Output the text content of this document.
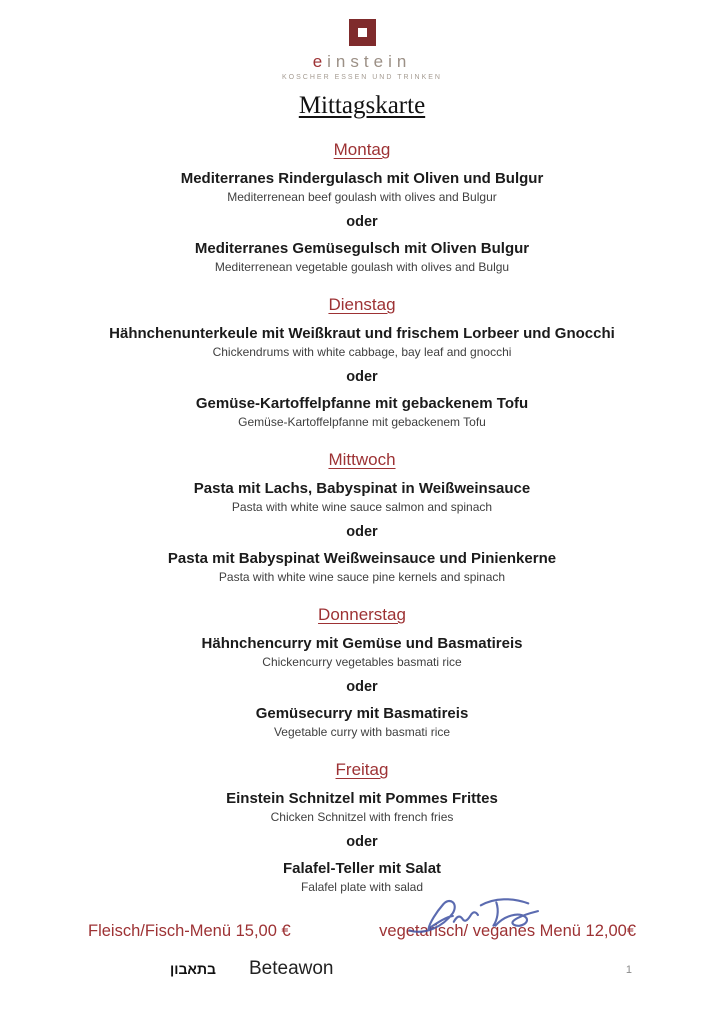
einstein
KOSCHER ESSEN UND TRINKEN
Mittagskarte
Montag

Mediterranes Rindergulasch mit Oliven und Bulgur

Mediterrenean beef goulash with olives and Bulgur

oder

Mediterranes Gemüsegulsch mit Oliven Bulgur

Mediterrenean vegetable goulash with olives and Bulgu

Dienstag

Hähnchenunterkeule mit Weißkraut und frischem Lorbeer und Gnocchi

Chickendrums with white cabbage, bay leaf and gnocchi

oder

Gemüse-Kartoffelpfanne mit gebackenem Tofu

Gemüse-Kartoffelpfanne mit gebackenem Tofu

Mittwoch

Pasta mit Lachs, Babyspinat in Weißweinsauce

Pasta with white wine sauce salmon and spinach

oder

Pasta mit Babyspinat Weißweinsauce und Pinienkerne

Pasta with white wine sauce pine kernels and spinach

Donnerstag

Hähnchencurry mit Gemüse und Basmatireis

Chickencurry vegetables basmati rice

oder

Gemüsecurry mit Basmatireis

Vegetable curry with basmati rice

Freitag

Einstein Schnitzel mit Pommes Frittes

Chicken Schnitzel with french fries

oder

Falafel-Teller mit Salat

Falafel plate with salad

Fleisch/Fisch-Menü 15,00 €	vegetarisch/ veganes Menü 12,00€
בתאבון Beteawon	1
